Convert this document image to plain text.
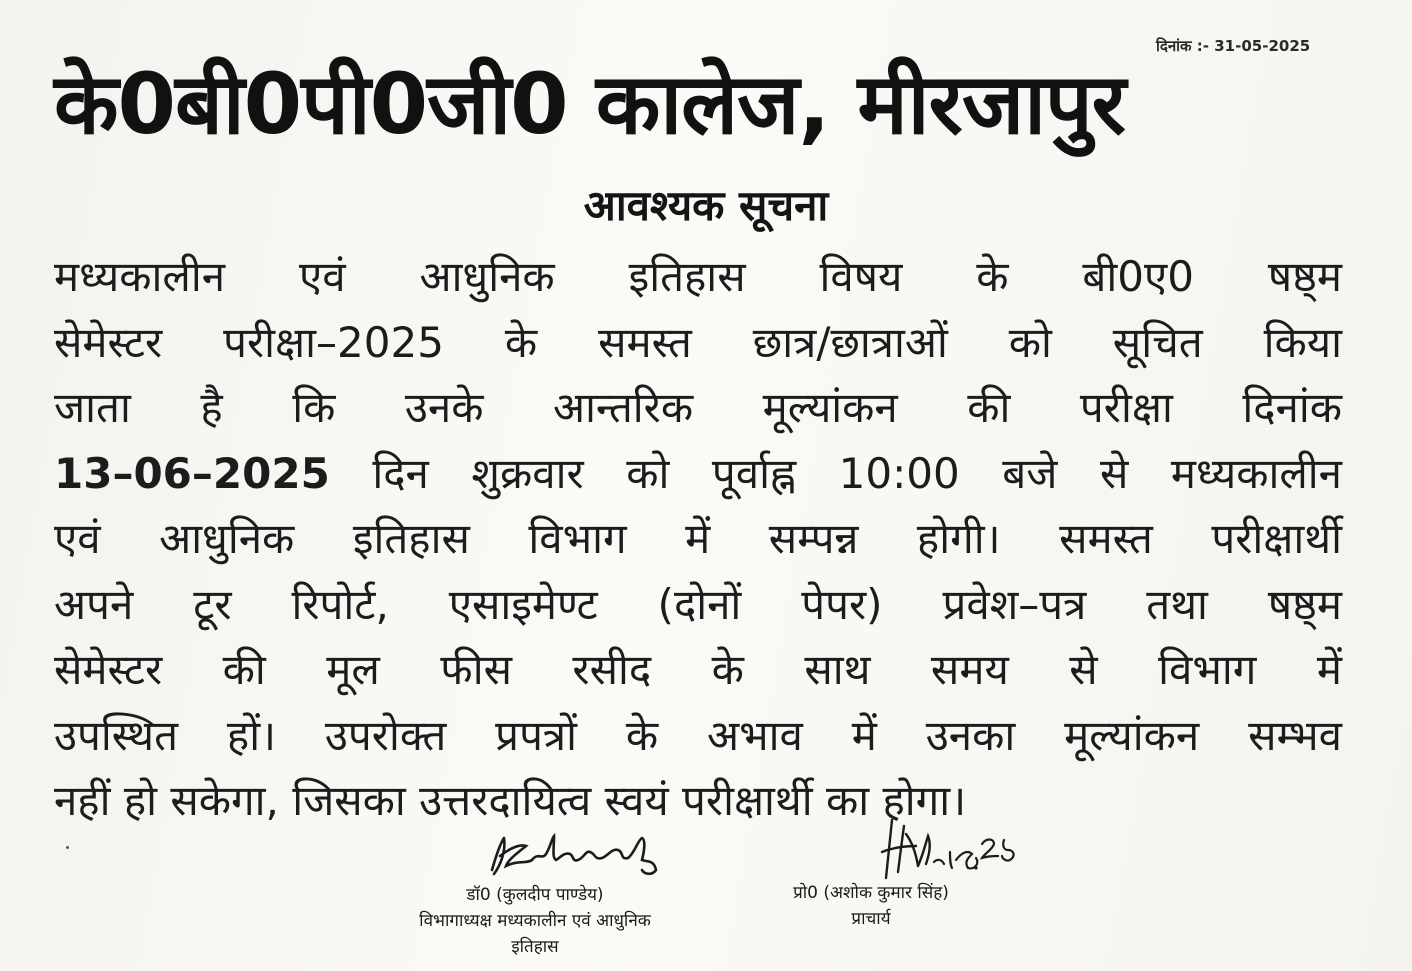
दिनांक :- 31-05-2025
के0बी0पी0जी0 कालेज, मीरजापुर
आवश्यक सूचना
मध्यकालीन एवं आधुनिक इतिहास विषय के बी0ए0 षष्ठ्म
सेमेस्टर परीक्षा–2025 के समस्त छात्र/छात्राओं को सूचित किया
जाता है कि उनके आन्तरिक मूल्यांकन की परीक्षा दिनांक
13–06–2025 दिन शुक्रवार को पूर्वाह्न 10:00 बजे से मध्यकालीन
एवं आधुनिक इतिहास विभाग में सम्पन्न होगी। समस्त परीक्षार्थी
अपने टूर रिपोर्ट, एसाइमेण्ट (दोनों पेपर) प्रवेश–पत्र तथा षष्ठ्म
सेमेस्टर की मूल फीस रसीद के साथ समय से विभाग में
उपस्थित हों। उपरोक्त प्रपत्रों के अभाव में उनका मूल्यांकन सम्भव
नहीं हो सकेगा, जिसका उत्तरदायित्व स्वयं परीक्षार्थी का होगा।
डॉ0 (कुलदीप पाण्डेय)
विभागाध्यक्ष मध्यकालीन एवं आधुनिक
इतिहास
प्रो0 (अशोक कुमार सिंह)
प्राचार्य
